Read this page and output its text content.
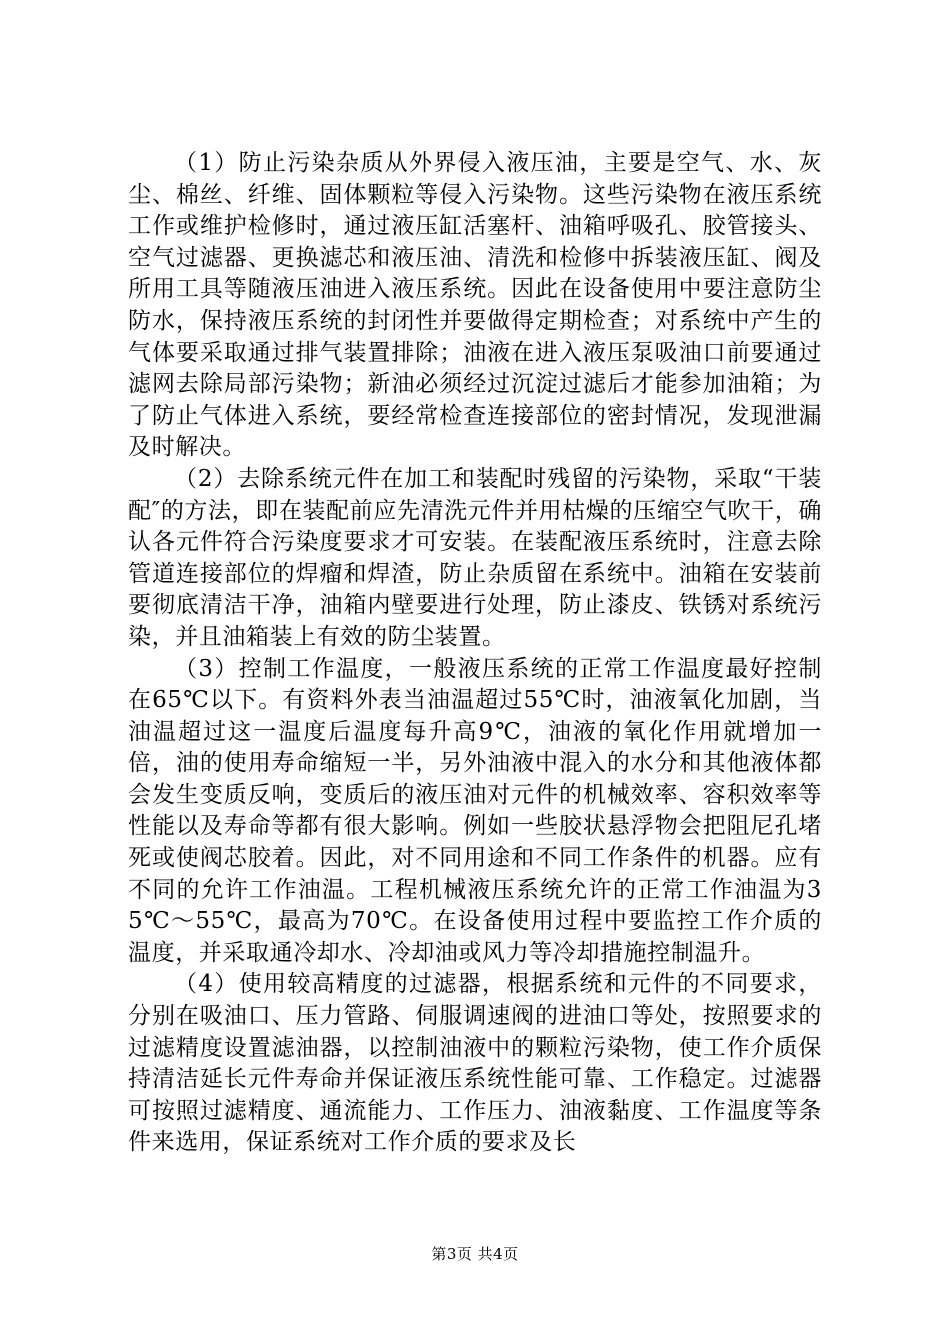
（1）防止污染杂质从外界侵入液压油，主要是空气、水、灰尘、棉丝、纤维、固体颗粒等侵入污染物。这些污染物在液压系统工作或维护检修时，通过液压缸活塞杆、油箱呼吸孔、胶管接头、空气过滤器、更换滤芯和液压油、清洗和检修中拆装液压缸、阀及所用工具等随液压油进入液压系统。因此在设备使用中要注意防尘防水，保持液压系统的封闭性并要做得定期检查；对系统中产生的气体要采取通过排气装置排除；油液在进入液压泵吸油口前要通过滤网去除局部污染物；新油必须经过沉淀过滤后才能参加油箱；为了防止气体进入系统，要经常检查连接部位的密封情况，发现泄漏及时解决。

（2）去除系统元件在加工和装配时残留的污染物，采取“干装配″的方法，即在装配前应先清洗元件并用枯燥的压缩空气吹干，确认各元件符合污染度要求才可安装。在装配液压系统时，注意去除管道连接部位的焊瘤和焊渣，防止杂质留在系统中。油箱在安装前要彻底清洁干净，油箱内壁要进行处理，防止漆皮、铁锈对系统污染，并且油箱装上有效的防尘装置。

（3）控制工作温度，一般液压系统的正常工作温度最好控制在65℃以下。有资料外表当油温超过55℃时，油液氧化加剧，当油温超过这一温度后温度每升高9℃，油液的氧化作用就增加一倍，油的使用寿命缩短一半，另外油液中混入的水分和其他液体都会发生变质反响，变质后的液压油对元件的机械效率、容积效率等性能以及寿命等都有很大影响。例如一些胶状悬浮物会把阻尼孔堵死或使阀芯胶着。因此，对不同用途和不同工作条件的机器。应有不同的允许工作油温。工程机械液压系统允许的正常工作油温为35℃～55℃，最高为70℃。在设备使用过程中要监控工作介质的温度，并采取通冷却水、冷却油或风力等冷却措施控制温升。

（4）使用较高精度的过滤器，根据系统和元件的不同要求，分别在吸油口、压力管路、伺服调速阀的进油口等处，按照要求的过滤精度设置滤油器，以控制油液中的颗粒污染物，使工作介质保持清洁延长元件寿命并保证液压系统性能可靠、工作稳定。过滤器可按照过滤精度、通流能力、工作压力、油液黏度、工作温度等条件来选用，保证系统对工作介质的要求及长

第3页 共4页
